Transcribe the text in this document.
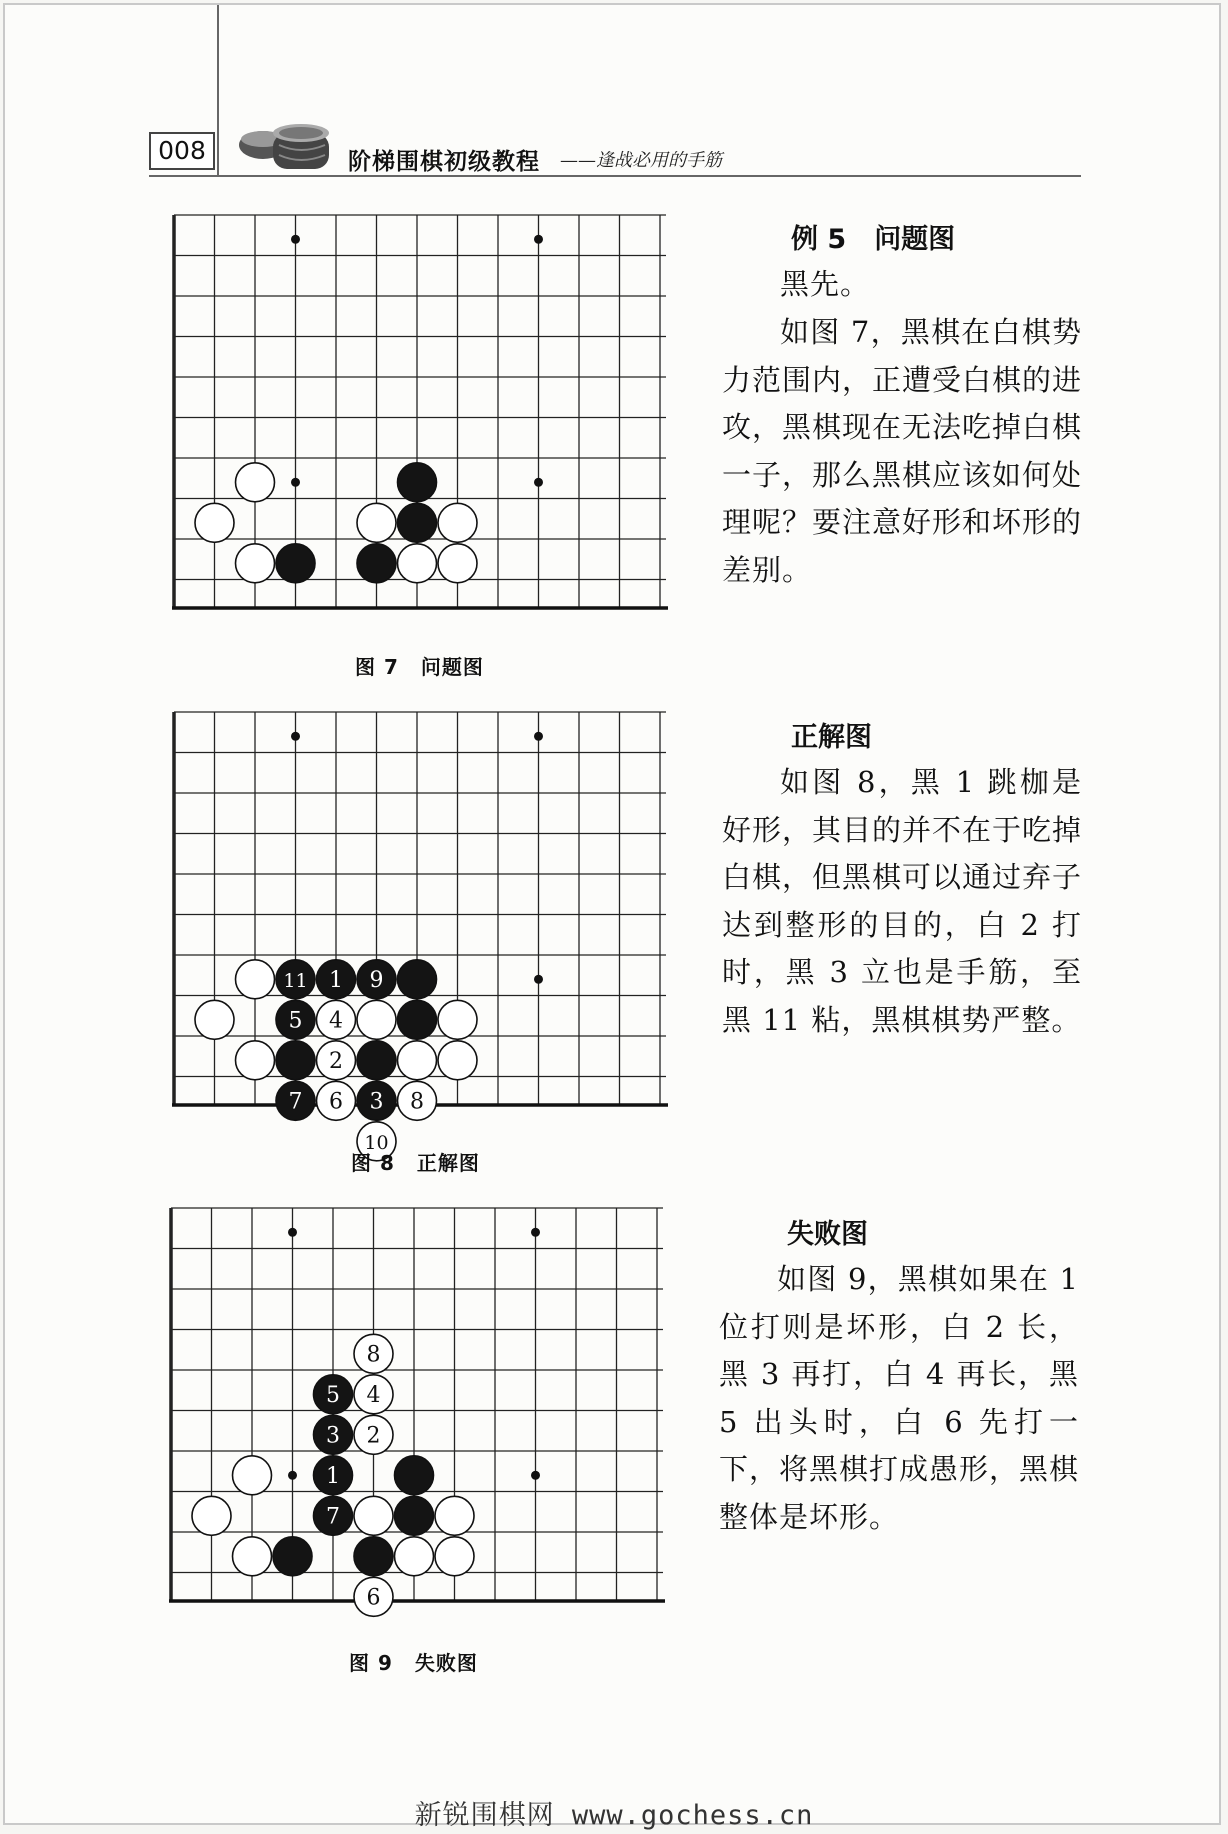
008	阶梯围棋初级教程 ——逢战必用的手筋
图 7 问题图
11 1 9
5 4
2
7 6 3 8
10
图 8 正解图
8
5 4
3 2
1
7
6
图 9 失败图
例 5 问题图

黑先。

如图 7，黑棋在白棋势力范围内，正遭受白棋的进攻，黑棋现在无法吃掉白棋一子，那么黑棋应该如何处理呢？要注意好形和坏形的差别。

正解图

如图 8，黑 1 跳枷是好形，其目的并不在于吃掉白棋，但黑棋可以通过弃子达到整形的目的，白 2 打时，黑 3 立也是手筋，至黑 11 粘，黑棋棋势严整。

失败图

如图 9，黑棋如果在 1 位打则是坏形，白 2 长，黑 3 再打，白 4 再长，黑 5 出头时，白 6 先打一下，将黑棋打成愚形，黑棋整体是坏形。

新锐围棋网 www.gochess.cn
